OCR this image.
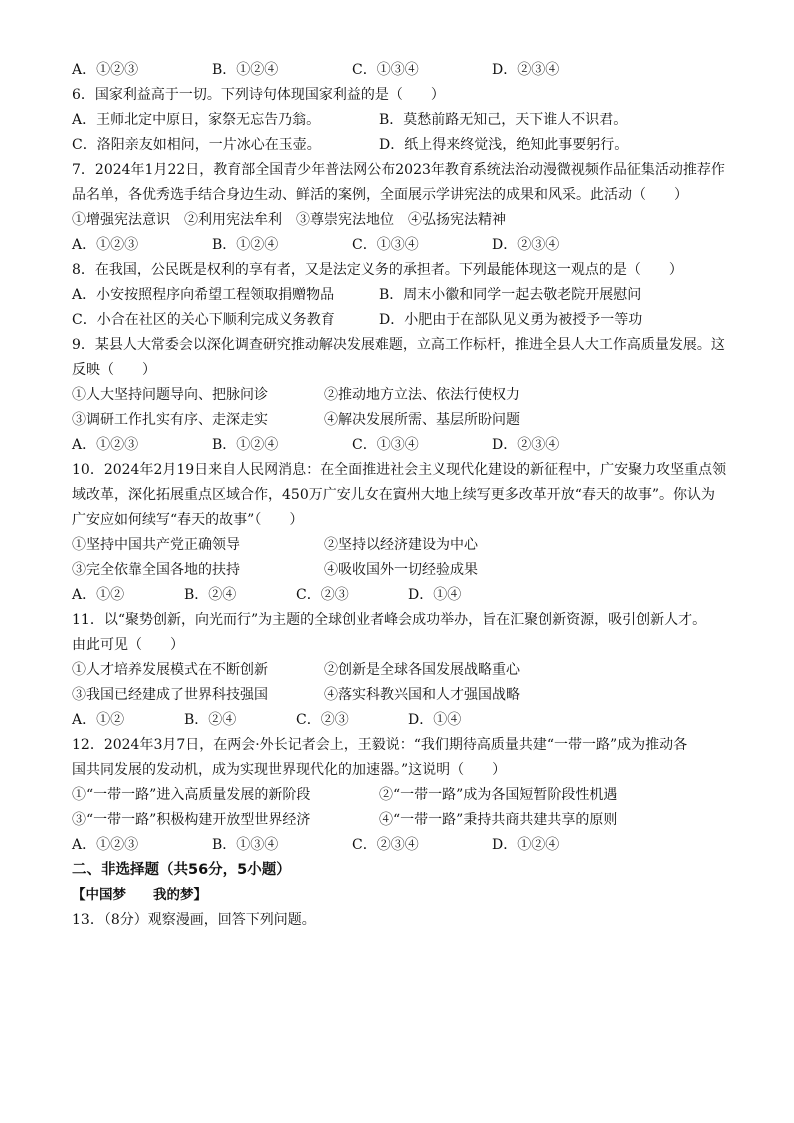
A．①②③	B．①②④	C．①③④	D．②③④
6．国家利益高于一切。下列诗句体现国家利益的是（　　）
A．王师北定中原日，家祭无忘告乃翁。	B．莫愁前路无知己，天下谁人不识君。
C．洛阳亲友如相问，一片冰心在玉壶。	D．纸上得来终觉浅，绝知此事要躬行。
7．2024年1月22日，教育部全国青少年普法网公布2023年教育系统法治动漫微视频作品征集活动推荐作
品名单，各优秀选手结合身边生动、鲜活的案例，全面展示学讲宪法的成果和风采。此活动（　　）
①增强宪法意识　②利用宪法牟利　③尊崇宪法地位　④弘扬宪法精神
A．①②③	B．①②④	C．①③④	D．②③④
8．在我国，公民既是权利的享有者，又是法定义务的承担者。下列最能体现这一观点的是（　　）
A．小安按照程序向希望工程领取捐赠物品	B．周末小徽和同学一起去敬老院开展慰问
C．小合在社区的关心下顺利完成义务教育	D．小肥由于在部队见义勇为被授予一等功
9．某县人大常委会以深化调查研究推动解决发展难题，立高工作标杆，推进全县人大工作高质量发展。这
反映（　　）
①人大坚持问题导向、把脉问诊	②推动地方立法、依法行使权力
③调研工作扎实有序、走深走实	④解决发展所需、基层所盼问题
A．①②③	B．①②④	C．①③④	D．②③④
10．2024年2月19日来自人民网消息：在全面推进社会主义现代化建设的新征程中，广安聚力攻坚重点领
域改革，深化拓展重点区域合作，450万广安儿女在賨州大地上续写更多改革开放“春天的故事”。你认为
广安应如何续写“春天的故事”（　　）
①坚持中国共产党正确领导	②坚持以经济建设为中心
③完全依靠全国各地的扶持	④吸收国外一切经验成果
A．①②	B．②④	C．②③	D．①④
11．以“聚势创新，向光而行”为主题的全球创业者峰会成功举办，旨在汇聚创新资源，吸引创新人才。
由此可见（　　）
①人才培养发展模式在不断创新	②创新是全球各国发展战略重心
③我国已经建成了世界科技强国	④落实科教兴国和人才强国战略
A．①②	B．②④	C．②③	D．①④
12．2024年3月7日，在两会·外长记者会上，王毅说：“我们期待高质量共建“一带一路”成为推动各
国共同发展的发动机，成为实现世界现代化的加速器。”这说明（　　）
①“一带一路”进入高质量发展的新阶段	②“一带一路”成为各国短暂阶段性机遇
③“一带一路”积极构建开放型世界经济	④“一带一路”秉持共商共建共享的原则
A．①②③	B．①③④	C．②③④	D．①②④
二、非选择题（共56分，5小题）
【中国梦　　我的梦】
13．（8分）观察漫画，回答下列问题。
